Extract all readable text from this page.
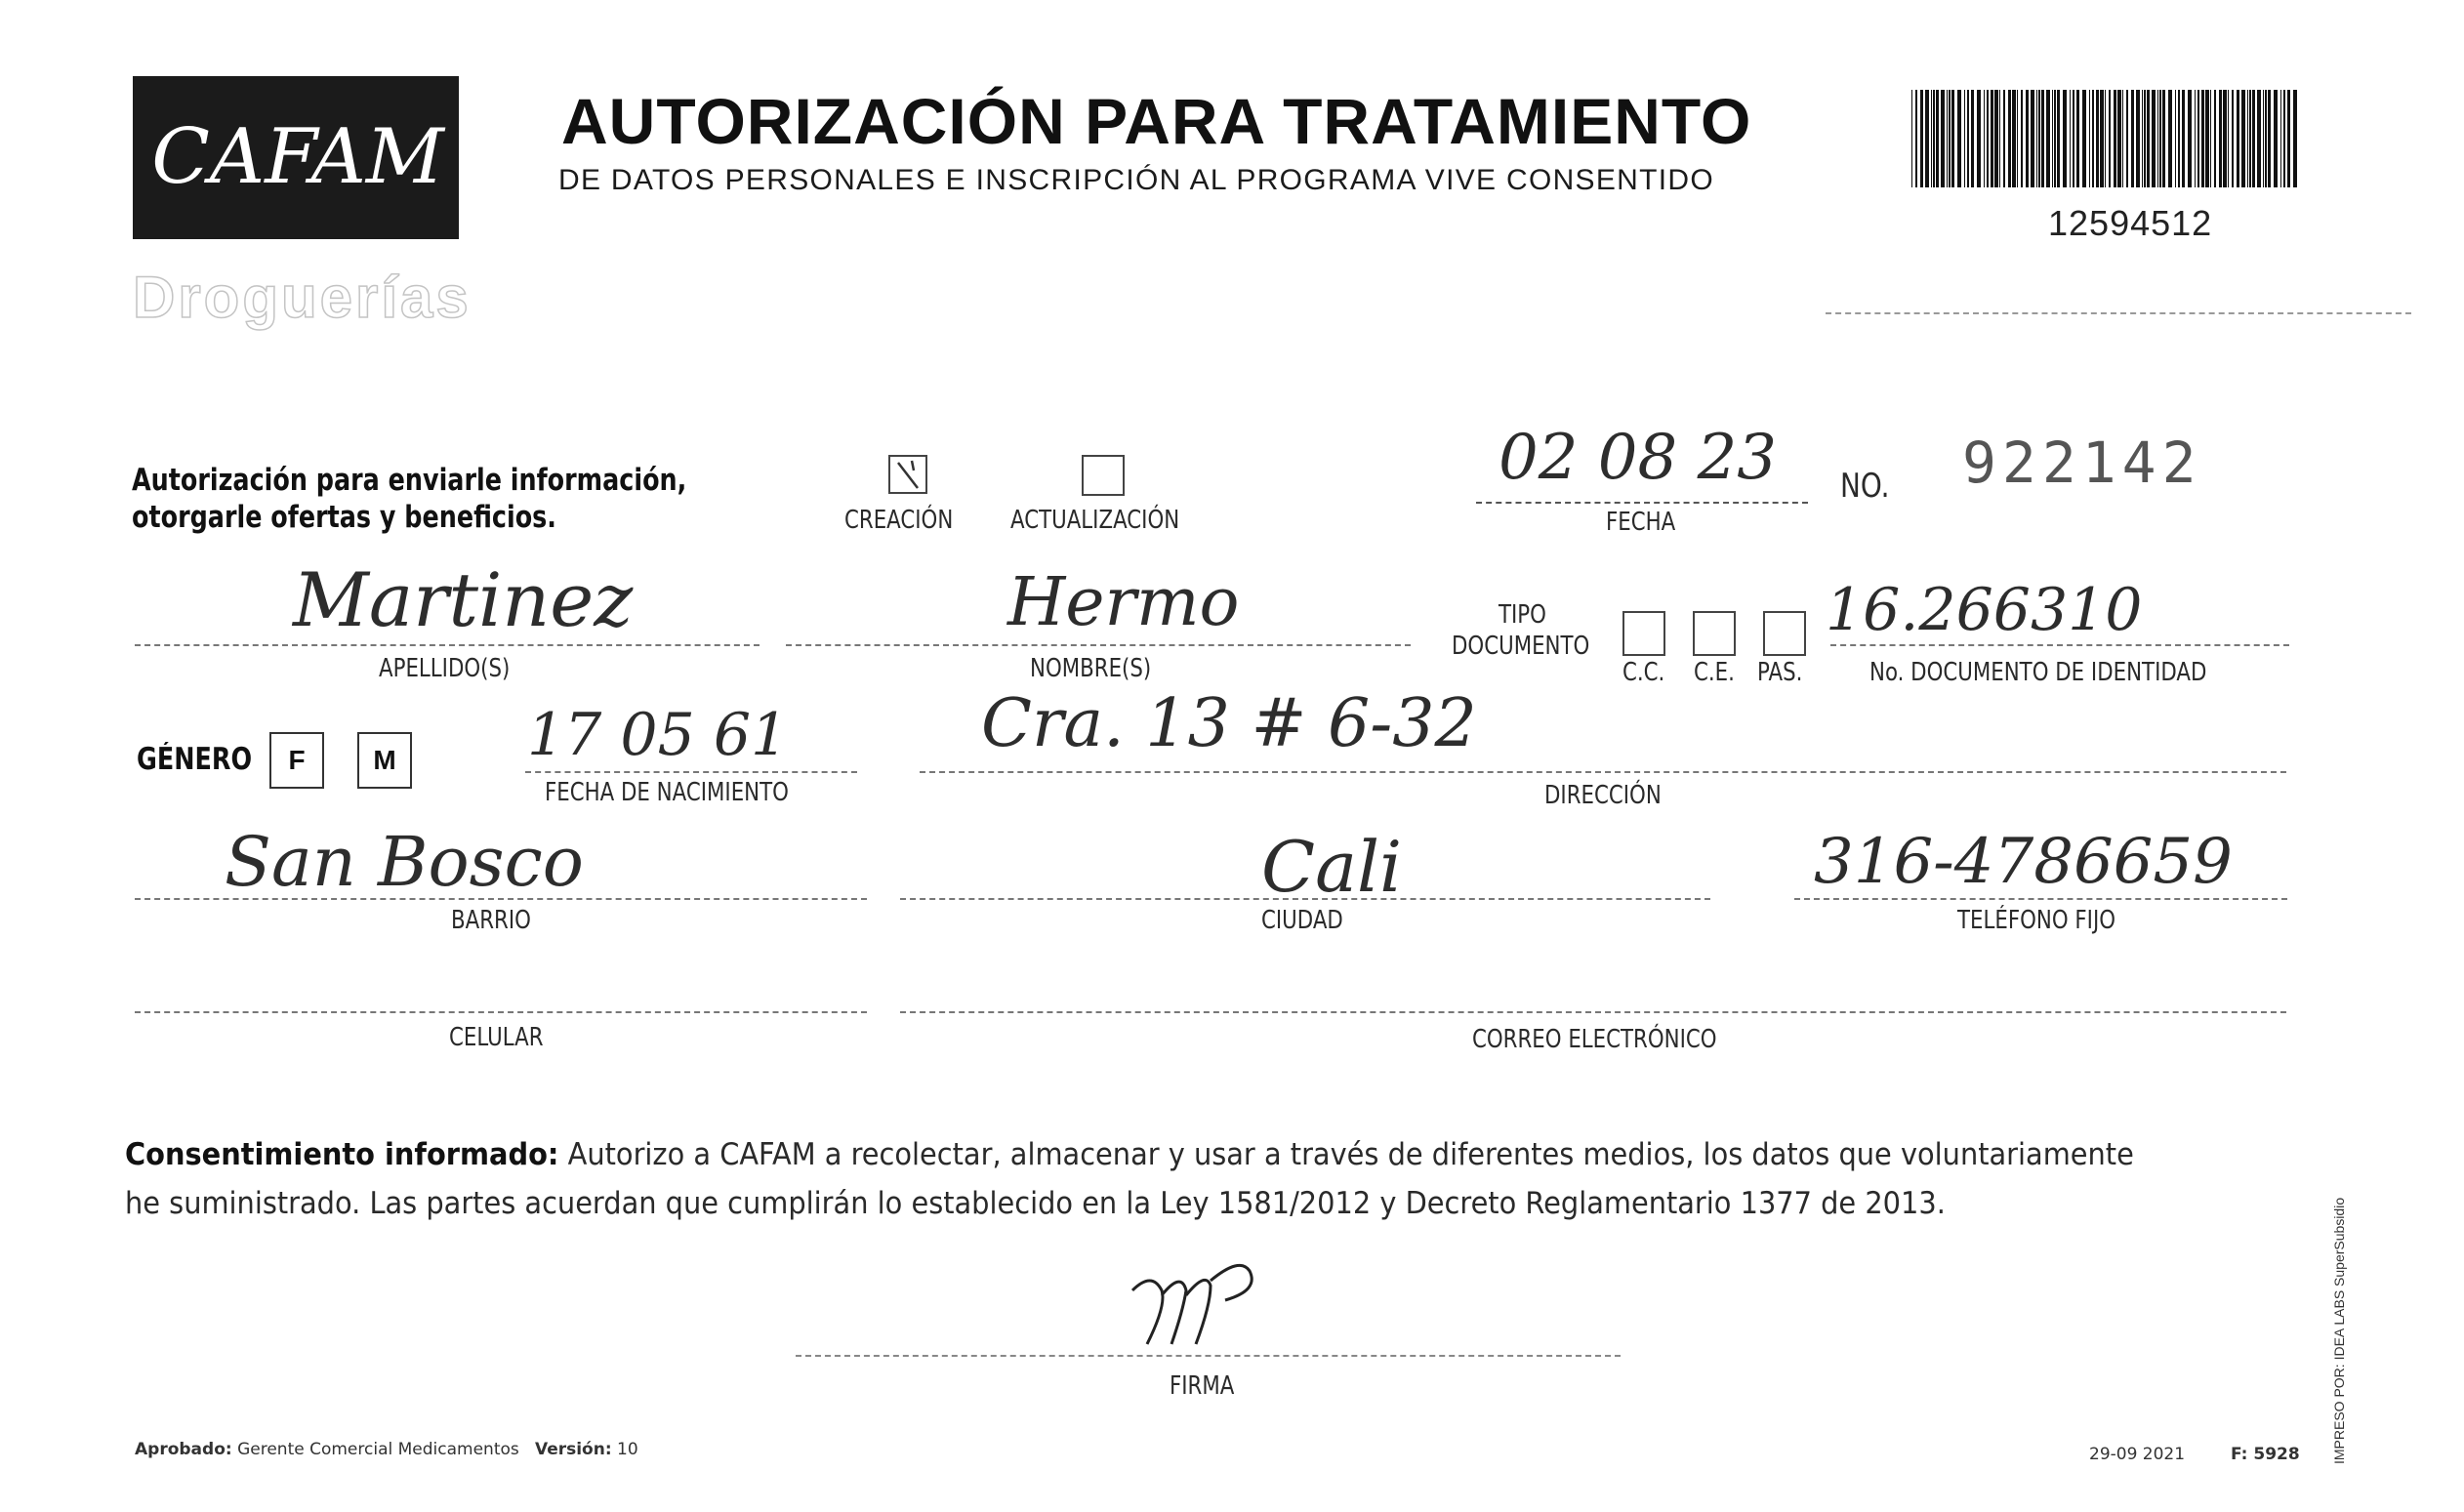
CAFAM
Droguerías
AUTORIZACIÓN PARA TRATAMIENTO
DE DATOS PERSONALES E INSCRIPCIÓN AL PROGRAMA VIVE CONSENTIDO
12594512
Autorización para enviarle información,
otorgarle ofertas y beneficios.	CREACIÓN ACTUALIZACIÓN
02 08 23
FECHA
NO. 922142
Martinez
APELLIDO(S)
Hermo
NOMBRE(S)
TIPO
DOCUMENTO
C.C. C.E. PAS.
16.266310
No. DOCUMENTO DE IDENTIDAD
GÉNERO	F	M 17 05 61
FECHA DE NACIMIENTO
Cra. 13 # 6-32
DIRECCIÓN
San Bosco
BARRIO
Cali
CIUDAD
316-4786659
TELÉFONO FIJO
CELULAR	CORREO ELECTRÓNICO
Consentimiento informado: Autorizo a CAFAM a recolectar, almacenar y usar a través de diferentes medios, los datos que voluntariamente he suministrado. Las partes acuerdan que cumplirán lo establecido en la Ley 1581/2012 y Decreto Reglamentario 1377 de 2013.
FIRMA
Aprobado: Gerente Comercial Medicamentos Versión: 10	29-09 2021	F: 5928 IMPRESO POR: IDEA LABS SuperSubsidio
